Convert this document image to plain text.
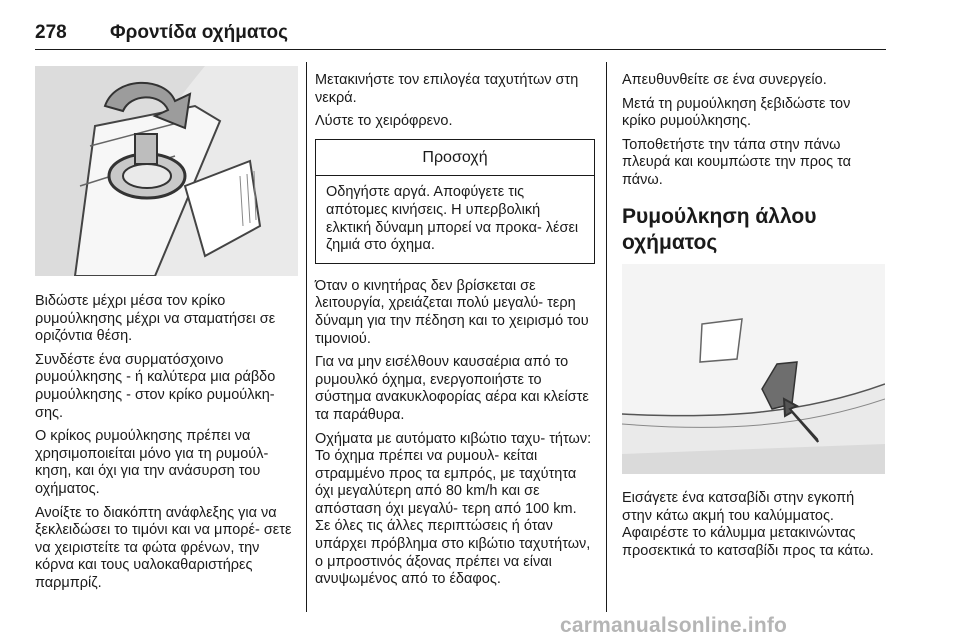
278 Φροντίδα οχήματος

Βιδώστε μέχρι μέσα τον κρίκο ρυμούλκησης μέχρι να σταματήσει σε οριζόντια θέση.

Συνδέστε ένα συρματόσχοινο ρυμούλκησης - ή καλύτερα μια ράβδο ρυμούλκησης - στον κρίκο ρυμούλκη‐ σης.

Ο κρίκος ρυμούλκησης πρέπει να χρησιμοποιείται μόνο για τη ρυμούλ‐ κηση, και όχι για την ανάσυρση του οχήματος.

Ανοίξτε το διακόπτη ανάφλεξης για να ξεκλειδώσει το τιμόνι και να μπορέ‐ σετε να χειριστείτε τα φώτα φρένων, την κόρνα και τους υαλοκαθαριστήρες παρμπρίζ.

Μετακινήστε τον επιλογέα ταχυτήτων στη νεκρά.

Λύστε το χειρόφρενο.

Προσοχή
Οδηγήστε αργά. Αποφύγετε τις απότομες κινήσεις. Η υπερβολική ελκτική δύναμη μπορεί να προκα‐ λέσει ζημιά στο όχημα.

Όταν ο κινητήρας δεν βρίσκεται σε λειτουργία, χρειάζεται πολύ μεγαλύ‐ τερη δύναμη για την πέδηση και το χειρισμό του τιμονιού.

Για να μην εισέλθουν καυσαέρια από το ρυμουλκό όχημα, ενεργοποιήστε το σύστημα ανακυκλοφορίας αέρα και κλείστε τα παράθυρα.

Οχήματα με αυτόματο κιβώτιο ταχυ‐ τήτων: Το όχημα πρέπει να ρυμουλ‐ κείται στραμμένο προς τα εμπρός, με ταχύτητα όχι μεγαλύτερη από 80 km/h και σε απόσταση όχι μεγαλύ‐ τερη από 100 km. Σε όλες τις άλλες περιπτώσεις ή όταν υπάρχει πρόβλημα στο κιβώτιο ταχυτήτων, ο μπροστινός άξονας πρέπει να είναι ανυψωμένος από το έδαφος.

Απευθυνθείτε σε ένα συνεργείο.

Μετά τη ρυμούλκηση ξεβιδώστε τον κρίκο ρυμούλκησης.

Τοποθετήστε την τάπα στην πάνω πλευρά και κουμπώστε την προς τα πάνω.

Ρυμούλκηση άλλου οχήματος

Εισάγετε ένα κατσαβίδι στην εγκοπή στην κάτω ακμή του καλύμματος. Αφαιρέστε το κάλυμμα μετακινώντας προσεκτικά το κατσαβίδι προς τα κάτω.

carmanualsonline.info
